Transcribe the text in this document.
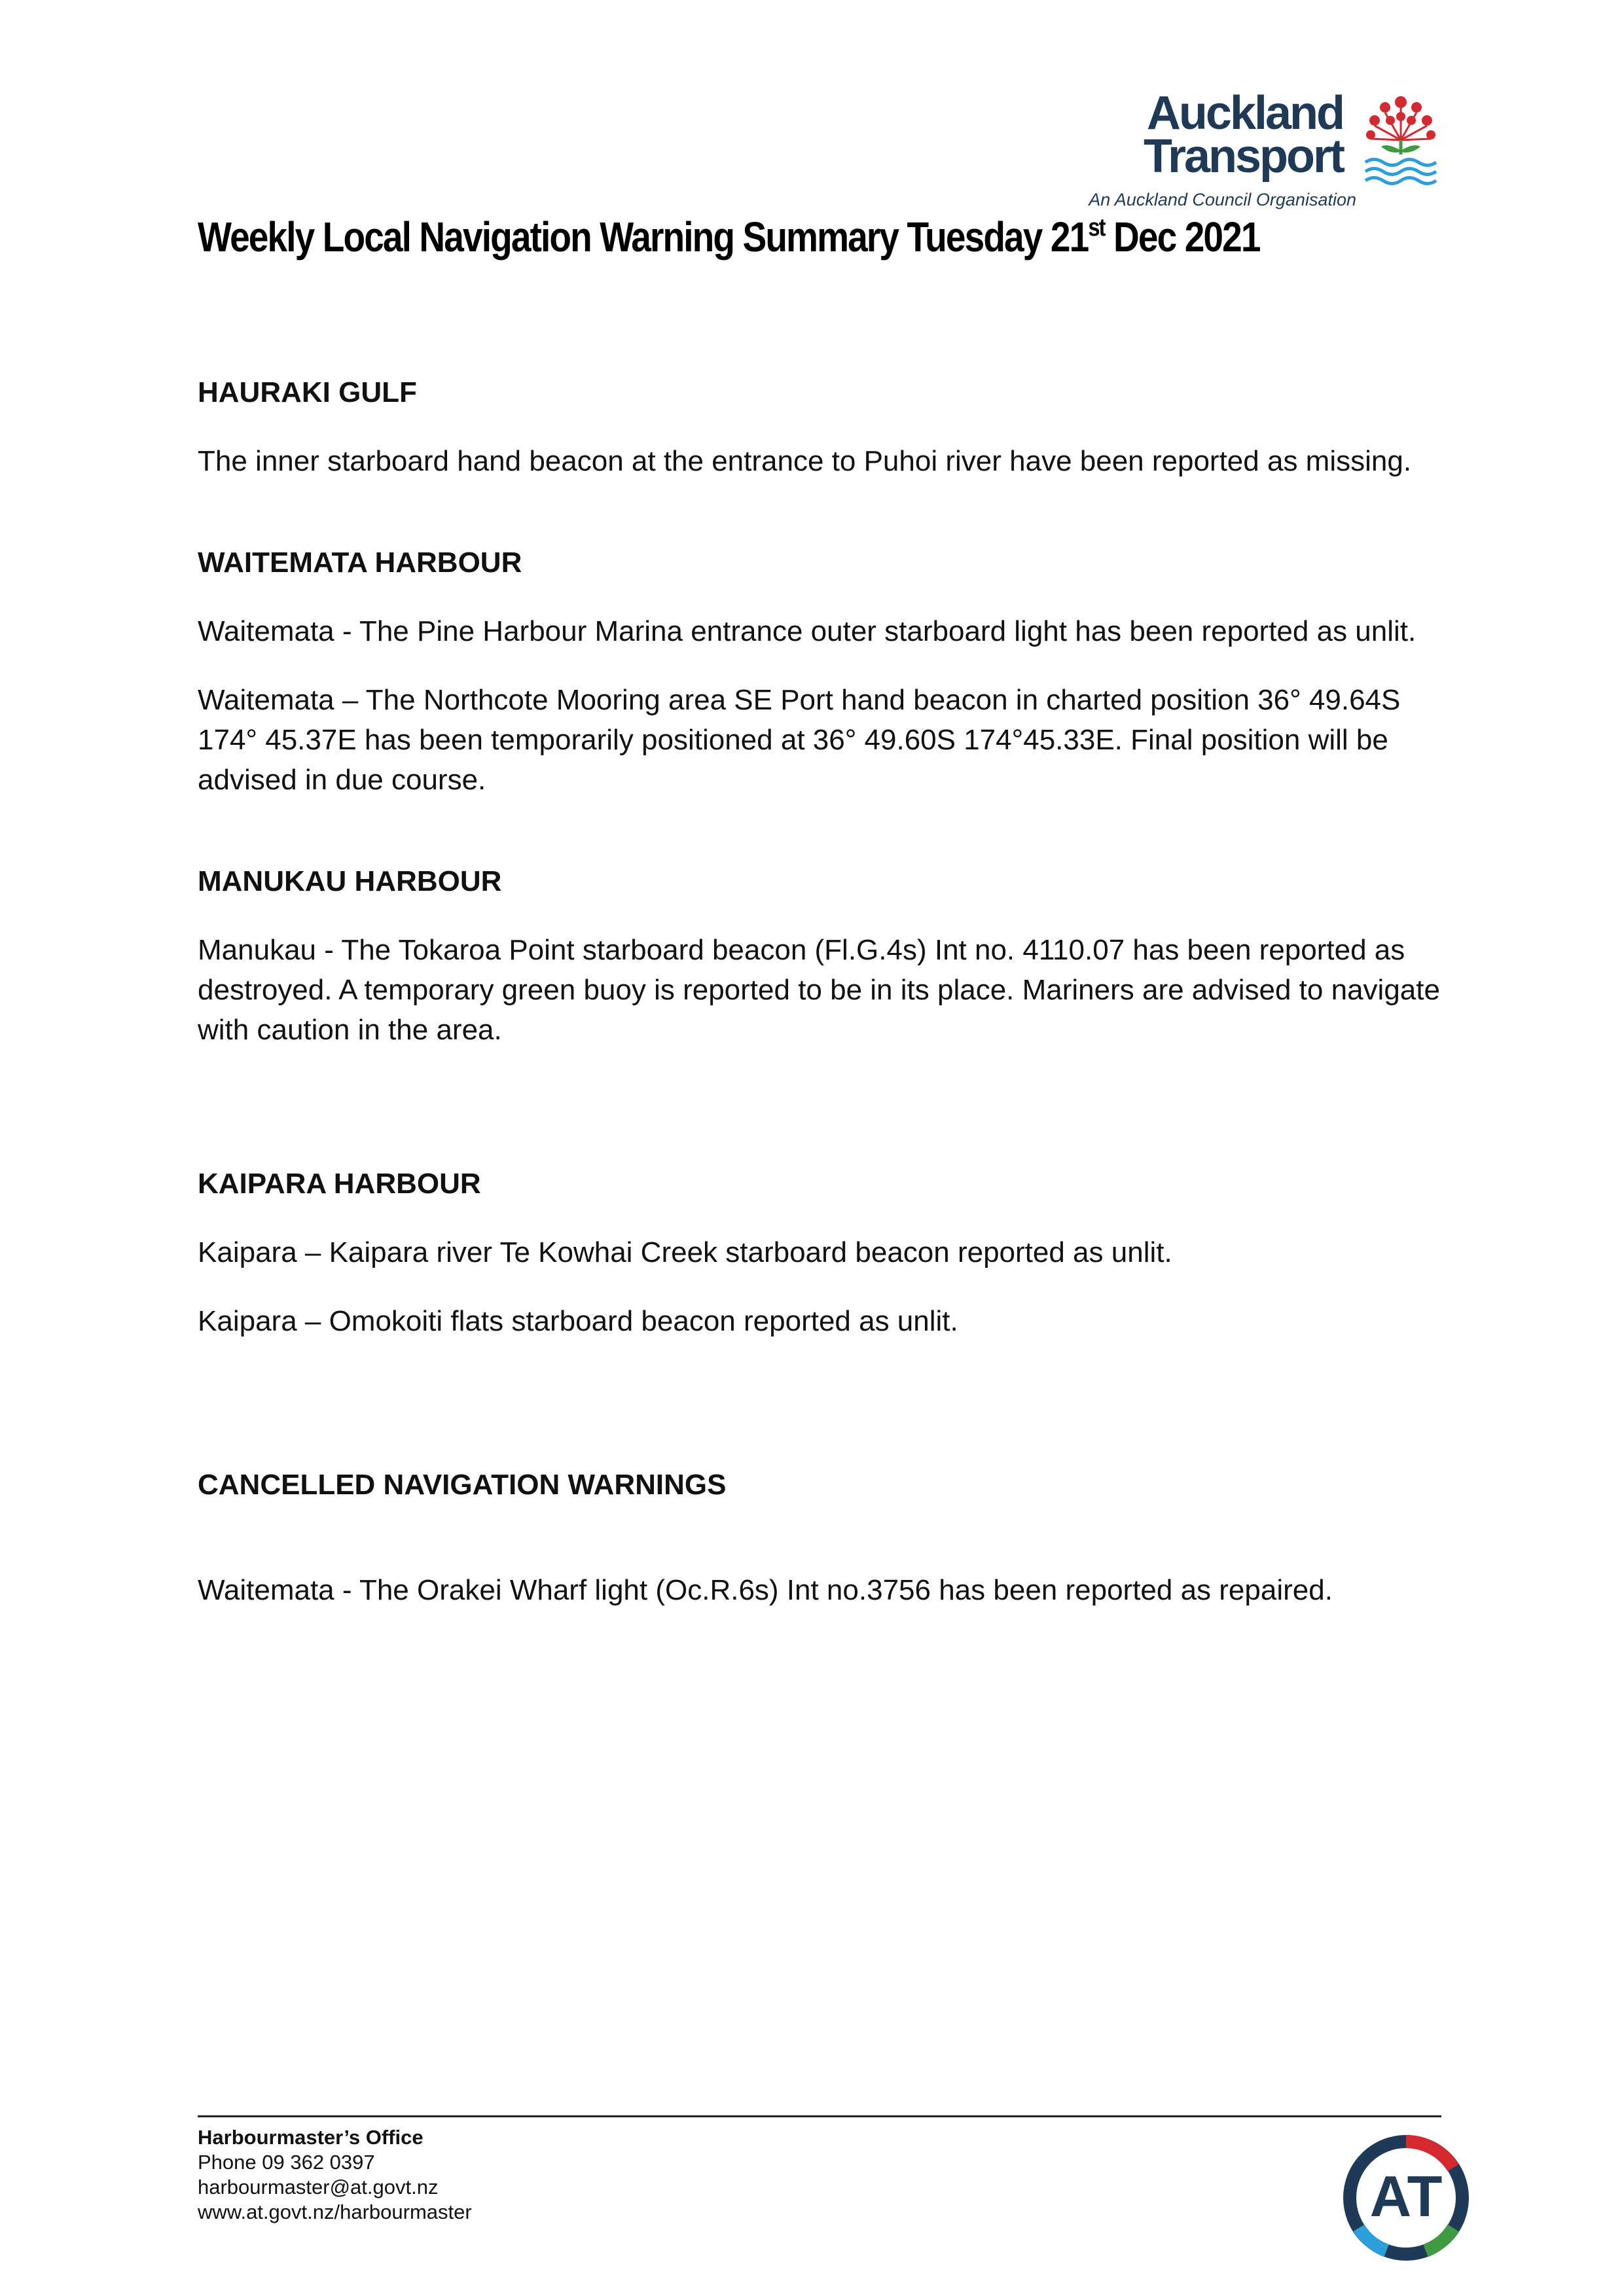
Auckland
Transport
An Auckland Council Organisation
Weekly Local Navigation Warning Summary Tuesday 21st Dec 2021
HAURAKI GULF

The inner starboard hand beacon at the entrance to Puhoi river have been reported as missing.

WAITEMATA HARBOUR

Waitemata - The Pine Harbour Marina entrance outer starboard light has been reported as unlit.

Waitemata – The Northcote Mooring area SE Port hand beacon in charted position 36° 49.64S 174° 45.37E has been temporarily positioned at 36° 49.60S 174°45.33E. Final position will be advised in due course.

MANUKAU HARBOUR

Manukau - The Tokaroa Point starboard beacon (Fl.G.4s) Int no. 4110.07 has been reported as destroyed. A temporary green buoy is reported to be in its place. Mariners are advised to navigate with caution in the area.

KAIPARA HARBOUR

Kaipara – Kaipara river Te Kowhai Creek starboard beacon reported as unlit.

Kaipara – Omokoiti flats starboard beacon reported as unlit.

CANCELLED NAVIGATION WARNINGS

Waitemata - The Orakei Wharf light (Oc.R.6s) Int no.3756 has been reported as repaired.

Harbourmaster’s Office
Phone 09 362 0397
harbourmaster@at.govt.nz
www.at.govt.nz/harbourmaster	AT
